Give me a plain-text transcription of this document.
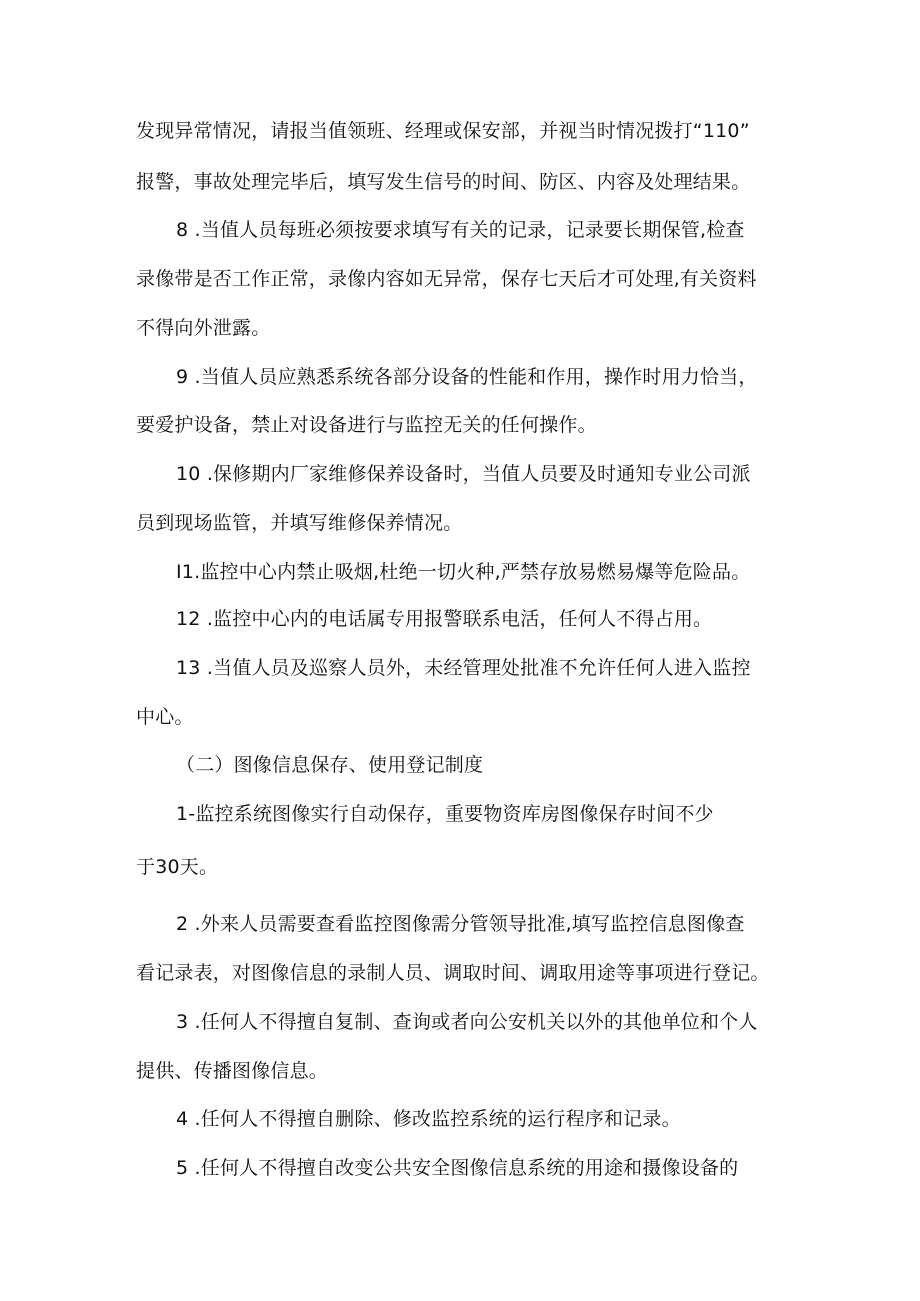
发现异常情况，请报当值领班、经理或保安部，并视当时情况拨打“110”
报警，事故处理完毕后，填写发生信号的时间、防区、内容及处理结果。
8 .当值人员每班必须按要求填写有关的记录，记录要长期保管,检查
录像带是否工作正常，录像内容如无异常，保存七天后才可处理,有关资料
不得向外泄露。
9 .当值人员应熟悉系统各部分设备的性能和作用，操作时用力恰当，
要爱护设备，禁止对设备进行与监控无关的任何操作。
10 .保修期内厂家维修保养设备时，当值人员要及时通知专业公司派
员到现场监管，并填写维修保养情况。
I1.监控中心内禁止吸烟,杜绝一切火种,严禁存放易燃易爆等危险品。
12 .监控中心内的电话属专用报警联系电活，任何人不得占用。
13 .当值人员及巡察人员外，未经管理处批准不允许任何人进入监控
中心。
（二）图像信息保存、使用登记制度
1-监控系统图像实行自动保存，重要物资库房图像保存时间不少
于30天。
2 .外来人员需要查看监控图像需分管领导批准,填写监控信息图像查
看记录表，对图像信息的录制人员、调取时间、调取用途等事项进行登记。
3 .任何人不得擅自复制、查询或者向公安机关以外的其他单位和个人
提供、传播图像信息。
4 .任何人不得擅自删除、修改监控系统的运行程序和记录。
5 .任何人不得擅自改变公共安全图像信息系统的用途和摄像设备的
